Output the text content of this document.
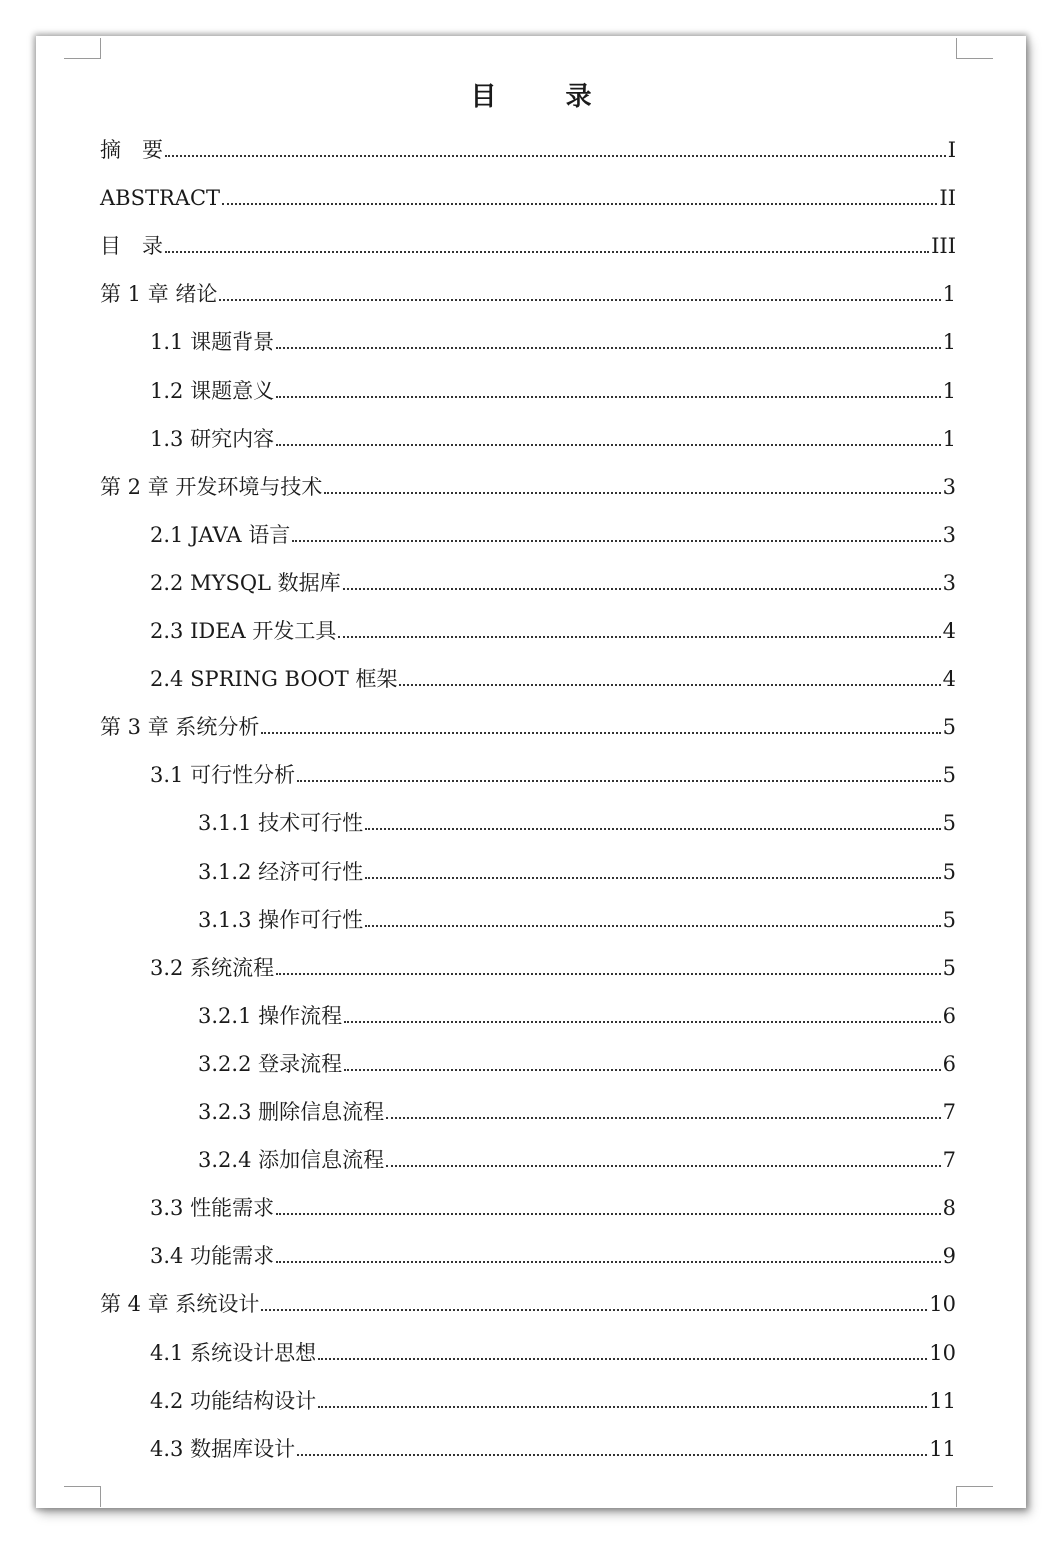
目 录
摘　要	I
ABSTRACT	II
目　录	III
第 1 章 绪论	1
1.1 课题背景	1
1.2 课题意义	1
1.3 研究内容	1
第 2 章 开发环境与技术	3
2.1 JAVA 语言	3
2.2 MYSQL 数据库	3
2.3 IDEA 开发工具	4
2.4 SPRING BOOT 框架	4
第 3 章 系统分析	5
3.1 可行性分析	5
3.1.1 技术可行性	5
3.1.2 经济可行性	5
3.1.3 操作可行性	5
3.2 系统流程	5
3.2.1 操作流程	6
3.2.2 登录流程	6
3.2.3 删除信息流程	7
3.2.4 添加信息流程	7
3.3 性能需求	8
3.4 功能需求	9
第 4 章 系统设计	10
4.1 系统设计思想	10
4.2 功能结构设计	11
4.3 数据库设计	11
